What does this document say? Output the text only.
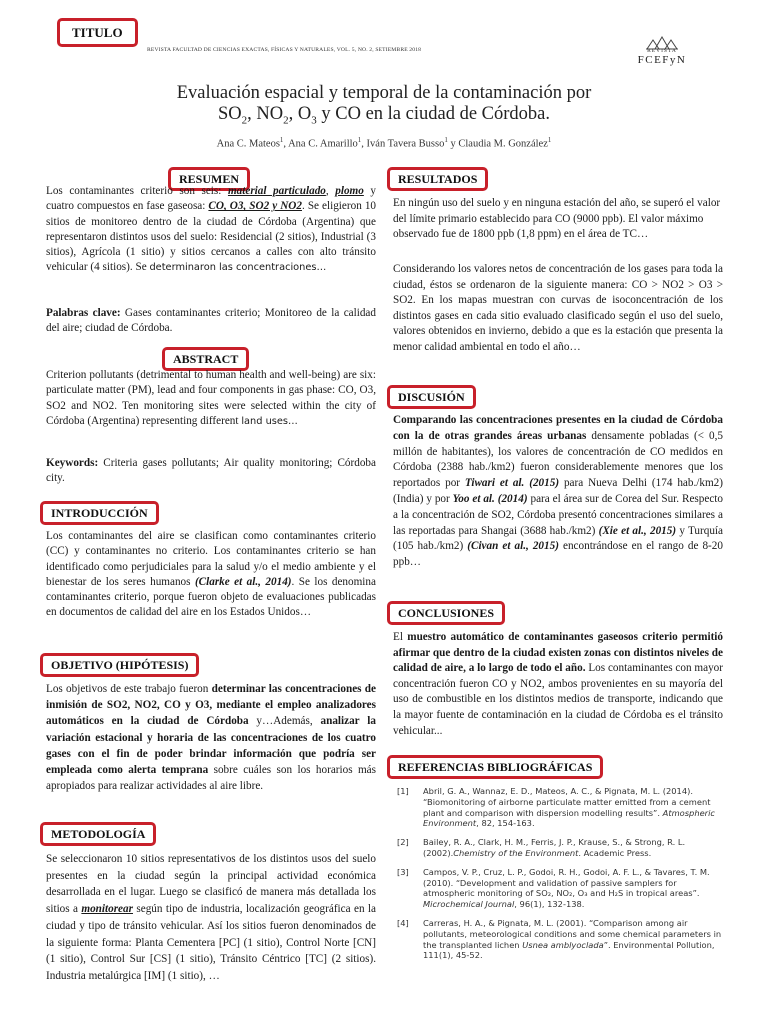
TITULO
REVISTA FACULTAD DE CIENCIAS EXACTAS, FÍSICAS Y NATURALES, VOL. 5, NO. 2, SETIEMBRE 2018	REVISTA
FCEFyN
Evaluación espacial y temporal de la contaminación por
$SO_2$, $NO_2$, $O_3$ y CO en la ciudad de Córdoba.
Ana C. Mateos$^1$, Ana C. Amarillo$^1$, Iván Tavera Busso$^1$ y Claudia M. González$^1$
RESUMEN
Los contaminantes criterio son seis: material particulado, plomo y cuatro compuestos en fase gaseosa: CO, O3, SO2 y NO2. Se eligieron 10 sitios de monitoreo dentro de la ciudad de Córdoba (Argentina) que representaron distintos usos del suelo: Residencial (2 sitios), Industrial (3 sitios), Agrícola (1 sitio) y sitios cercanos a calles con alto tránsito vehicular (4 sitios). Se determinaron las concentraciones…
Palabras clave: Gases contaminantes criterio; Monitoreo de la calidad del aire; ciudad de Córdoba.
ABSTRACT
Criterion pollutants (detrimental to human health and well-being) are six: particulate matter (PM), lead and four components in gas phase: CO, O3, SO2 and NO2. Ten monitoring sites were selected within the city of Córdoba (Argentina) representing different land uses…
Keywords: Criteria gases pollutants; Air quality monitoring; Córdoba city.
INTRODUCCIÓN
Los contaminantes del aire se clasifican como contaminantes criterio (CC) y contaminantes no criterio. Los contaminantes criterio se han identificado como perjudiciales para la salud y/o el medio ambiente y el bienestar de los seres humanos (Clarke et al., 2014). Se los denomina contaminantes criterio, porque fueron objeto de evaluaciones publicadas en documentos de calidad del aire en los Estados Unidos…
OBJETIVO (HIPÓTESIS)
Los objetivos de este trabajo fueron determinar las concentraciones de inmisión de SO2, NO2, CO y O3, mediante el empleo analizadores automáticos en la ciudad de Córdoba y…Además, analizar la variación estacional y horaria de las concentraciones de los cuatro gases con el fin de poder brindar información que podría ser empleada como alerta temprana sobre cuáles son los horarios más apropiados para realizar actividades al aire libre.
METODOLOGÍA
Se seleccionaron 10 sitios representativos de los distintos usos del suelo presentes en la ciudad según la principal actividad económica desarrollada en el lugar. Luego se clasificó de manera más detallada los sitios a monitorear según tipo de industria, localización geográfica en la ciudad y tipo de tránsito vehicular. Así los sitios fueron denominados de la siguiente forma: Planta Cementera [PC] (1 sitio), Control Norte [CN] (1 sitio), Control Sur [CS] (1 sitio), Tránsito Céntrico [TC] (2 sitios). Industria metalúrgica [IM] (1 sitio), …
RESULTADOS
En ningún uso del suelo y en ninguna estación del año, se superó el valor del límite primario establecido para CO (9000 ppb). El valor máximo observado fue de 1800 ppb (1,8 ppm) en el área de TC…
Considerando los valores netos de concentración de los gases para toda la ciudad, éstos se ordenaron de la siguiente manera: CO > NO2 > O3 > SO2. En los mapas muestran con curvas de isoconcentración de los distintos gases en cada sitio evaluado clasificado según el uso del suelo, valores obtenidos en invierno, debido a que es la estación que presenta la menor calidad ambiental en todo el año…
DISCUSIÓN
Comparando las concentraciones presentes en la ciudad de Córdoba con la de otras grandes áreas urbanas densamente pobladas (< 0,5 millón de habitantes), los valores de concentración de CO medidos en Córdoba (2388 hab./km2) fueron considerablemente menores que los reportados por Tiwari et al. (2015) para Nueva Delhi (174 hab./km2) (India) y por Yoo et al. (2014) para el área sur de Corea del Sur. Respecto a la concentración de SO2, Córdoba presentó concentraciones similares a las reportadas para Shangai (3688 hab./km2) (Xie et al., 2015) y Turquía (105 hab./km2) (Civan et al., 2015) encontrándose en el rango de 8-20 ppb…
CONCLUSIONES
El muestro automático de contaminantes gaseosos criterio permitió afirmar que dentro de la ciudad existen zonas con distintos niveles de calidad de aire, a lo largo de todo el año. Los contaminantes con mayor concentración fueron CO y NO2, ambos provenientes en su mayoría del uso de combustible en los distintos medios de transporte, indicando que la mayor fuente de contaminación en la ciudad de Córdoba es el tránsito vehicular...
REFERENCIAS BIBLIOGRÁFICAS
[1]	Abril, G. A., Wannaz, E. D., Mateos, A. C., & Pignata, M. L. (2014). “Biomonitoring of airborne particulate matter emitted from a cement plant and comparison with dispersion modelling results”. Atmospheric Environment, 82, 154-163.
[2]	Bailey, R. A., Clark, H. M., Ferris, J. P., Krause, S., & Strong, R. L. (2002).Chemistry of the Environment. Academic Press.
[3]	Campos, V. P., Cruz, L. P., Godoi, R. H., Godoi, A. F. L., & Tavares, T. M. (2010). “Development and validation of passive samplers for atmospheric monitoring of SO₂, NO₂, O₃ and H₂S in tropical areas”. Microchemical Journal, 96(1), 132-138.
[4]	Carreras, H. A., & Pignata, M. L. (2001). “Comparison among air pollutants, meteorological conditions and some chemical parameters in the transplanted lichen Usnea amblyoclada”. Environmental Pollution, 111(1), 45-52.
